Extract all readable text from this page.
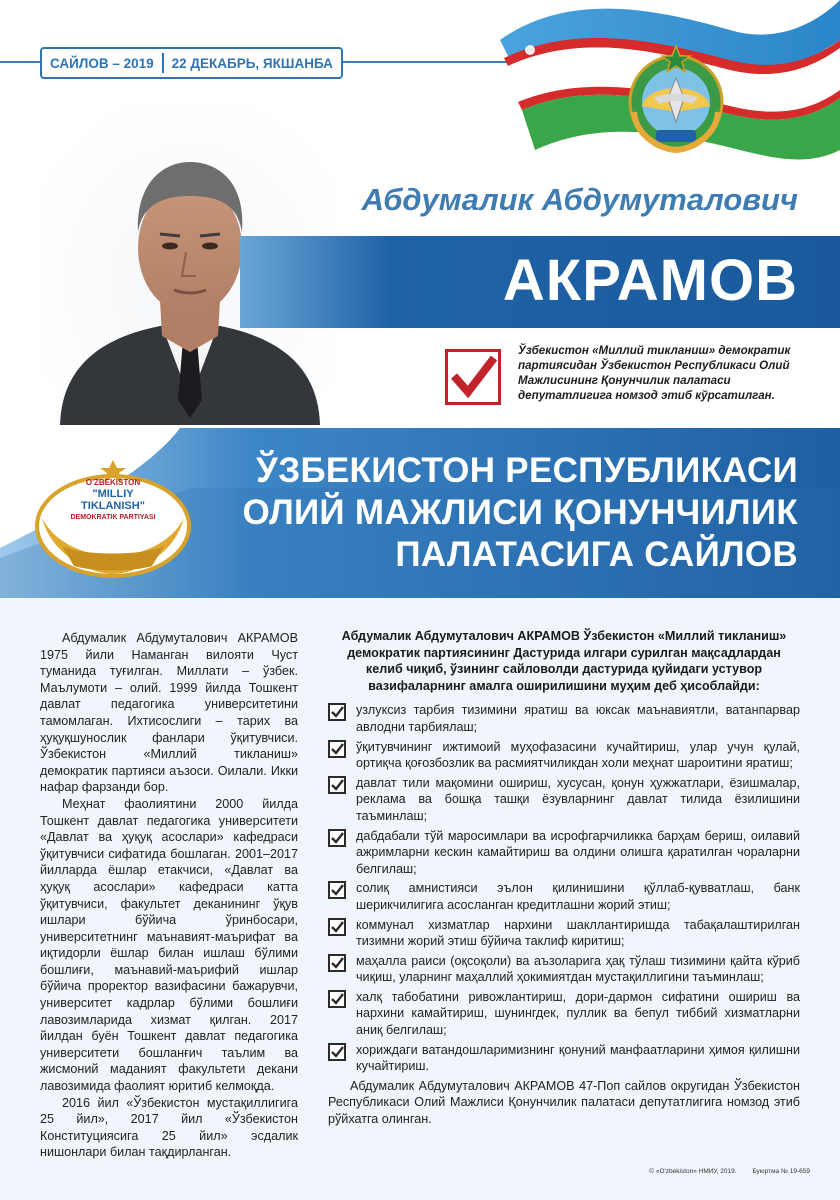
САЙЛОВ – 2019 22 ДЕКАБРЬ, ЯКШАНБА
Абдумалик Абдумуталович
АКРАМОВ
Ўзбекистон «Миллий тикланиш» демократик партиясидан Ўзбекистон Республикаси Олий Мажлисининг Қонунчилик палатаси депутатлигига номзод этиб кўрсатилган.
O'ZBEKISTON
"MILLIY
TIKLANISH"
DEMOKRATIK PARTIYASI
ЎЗБЕКИСТОН РЕСПУБЛИКАСИ
ОЛИЙ МАЖЛИСИ ҚОНУНЧИЛИК
ПАЛАТАСИГА САЙЛОВ

Абдумалик Абдумуталович АКРАМОВ 1975 йили Наманган вилояти Чуст туманида туғилган. Миллати – ўзбек. Маълумоти – олий. 1999 йилда Тошкент давлат педагогика университетини тамомлаган. Ихтисослиги – тарих ва ҳуқуқшунослик фанлари ўқитувчиси. Ўзбекистон «Миллий тикланиш» демократик партияси аъзоси. Оилали. Икки нафар фарзанди бор.

Меҳнат фаолиятини 2000 йилда Тошкент давлат педагогика университети «Давлат ва ҳуқуқ асослари» кафедраси ўқитувчиси сифатида бошлаган. 2001–2017 йилларда ёшлар етакчиси, «Давлат ва ҳуқуқ асослари» кафедраси катта ўқитувчиси, факультет деканининг ўқув ишлари бўйича ўринбосари, университетнинг маънавият-маърифат ва иқтидорли ёшлар билан ишлаш бўлими бошлиғи, маънавий-маърифий ишлар бўйича проректор вазифасини бажарувчи, университет кадрлар бўлими бошлиғи лавозимларида хизмат қилган. 2017 йилдан буён Тошкент давлат педагогика университети бошланғич таълим ва жисмоний маданият факультети декани лавозимида фаолият юритиб келмоқда.

2016 йил «Ўзбекистон мустақиллигига 25 йил», 2017 йил «Ўзбекистон Конституциясига 25 йил» эсдалик нишонлари билан тақдирланган.

Абдумалик Абдумуталович АКРАМОВ Ўзбекистон «Миллий тикланиш» демократик партиясининг Дастурида илгари сурилган мақсадлардан келиб чиқиб, ўзининг сайловолди дастурида қуйидаги устувор вазифаларнинг амалга оширилишини муҳим деб ҳисоблайди:

узлуксиз тарбия тизимини яратиш ва юксак маънавиятли, ватанпарвар авлодни тарбиялаш;
ўқитувчининг ижтимоий муҳофазасини кучайтириш, улар учун қулай, ортиқча қоғозбозлик ва расмиятчиликдан холи меҳнат шароитини яратиш;
давлат тили мақомини ошириш, хусусан, қонун ҳужжатлари, ёзишмалар, реклама ва бошқа ташқи ёзувларнинг давлат тилида ёзилишини таъминлаш;
дабдабали тўй маросимлари ва исрофгарчиликка барҳам бериш, оилавий ажримларни кескин камайтириш ва олдини олишга қаратилган чораларни белгилаш;
солиқ амнистияси эълон қилинишини қўллаб-қувватлаш, банк шерикчилигига асосланган кредитлашни жорий этиш;
коммунал хизматлар нархини шакллантиришда табақалаштирилган тизимни жорий этиш бўйича таклиф киритиш;
маҳалла раиси (оқсоқоли) ва аъзоларига ҳақ тўлаш тизимини қайта кўриб чиқиш, уларнинг маҳаллий ҳокимиятдан мустақиллигини таъминлаш;
халқ табобатини ривожлантириш, дори-дармон сифатини ошириш ва нархини камайтириш, шунингдек, пуллик ва бепул тиббий хизматларни аниқ белгилаш;
хориждаги ватандошларимизнинг қонуний манфаатларини ҳимоя қилишни кучайтириш.

Абдумалик Абдумуталович АКРАМОВ 47-Поп сайлов округидан Ўзбекистон Республикаси Олий Мажлиси Қонунчилик палатаси депутатлигига номзод этиб рўйхатга олинган.

© «O'zbekiston» НМИУ, 2019. Буюртма № 19-659
